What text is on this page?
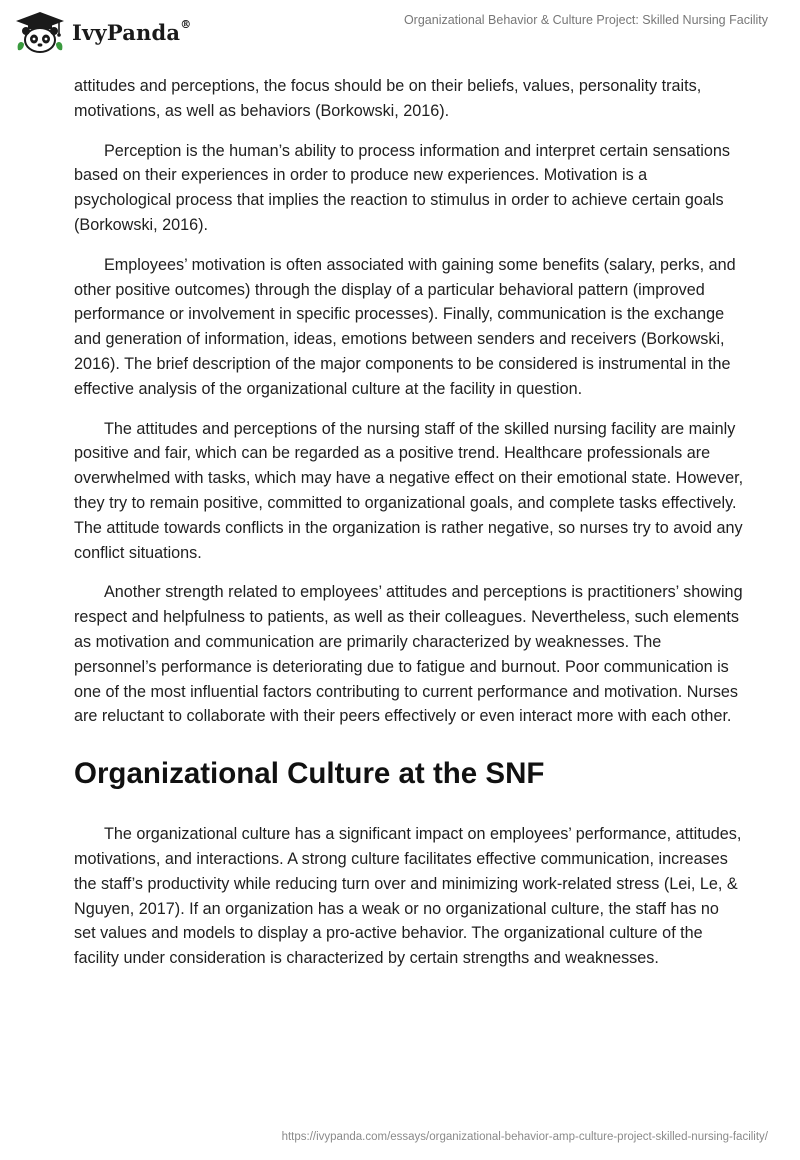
IvyPanda®	Organizational Behavior & Culture Project: Skilled Nursing Facility

attitudes and perceptions, the focus should be on their beliefs, values, personality traits, motivations, as well as behaviors (Borkowski, 2016).

Perception is the human’s ability to process information and interpret certain sensations based on their experiences in order to produce new experiences. Motivation is a psychological process that implies the reaction to stimulus in order to achieve certain goals (Borkowski, 2016).

Employees’ motivation is often associated with gaining some benefits (salary, perks, and other positive outcomes) through the display of a particular behavioral pattern (improved performance or involvement in specific processes). Finally, communication is the exchange and generation of information, ideas, emotions between senders and receivers (Borkowski, 2016). The brief description of the major components to be considered is instrumental in the effective analysis of the organizational culture at the facility in question.

The attitudes and perceptions of the nursing staff of the skilled nursing facility are mainly positive and fair, which can be regarded as a positive trend. Healthcare professionals are overwhelmed with tasks, which may have a negative effect on their emotional state. However, they try to remain positive, committed to organizational goals, and complete tasks effectively. The attitude towards conflicts in the organization is rather negative, so nurses try to avoid any conflict situations.

Another strength related to employees’ attitudes and perceptions is practitioners’ showing respect and helpfulness to patients, as well as their colleagues. Nevertheless, such elements as motivation and communication are primarily characterized by weaknesses. The personnel’s performance is deteriorating due to fatigue and burnout. Poor communication is one of the most influential factors contributing to current performance and motivation. Nurses are reluctant to collaborate with their peers effectively or even interact more with each other.

Organizational Culture at the SNF

The organizational culture has a significant impact on employees’ performance, attitudes, motivations, and interactions. A strong culture facilitates effective communication, increases the staff’s productivity while reducing turn over and minimizing work-related stress (Lei, Le, & Nguyen, 2017). If an organization has a weak or no organizational culture, the staff has no set values and models to display a pro-active behavior. The organizational culture of the facility under consideration is characterized by certain strengths and weaknesses.

https://ivypanda.com/essays/organizational-behavior-amp-culture-project-skilled-nursing-facility/
